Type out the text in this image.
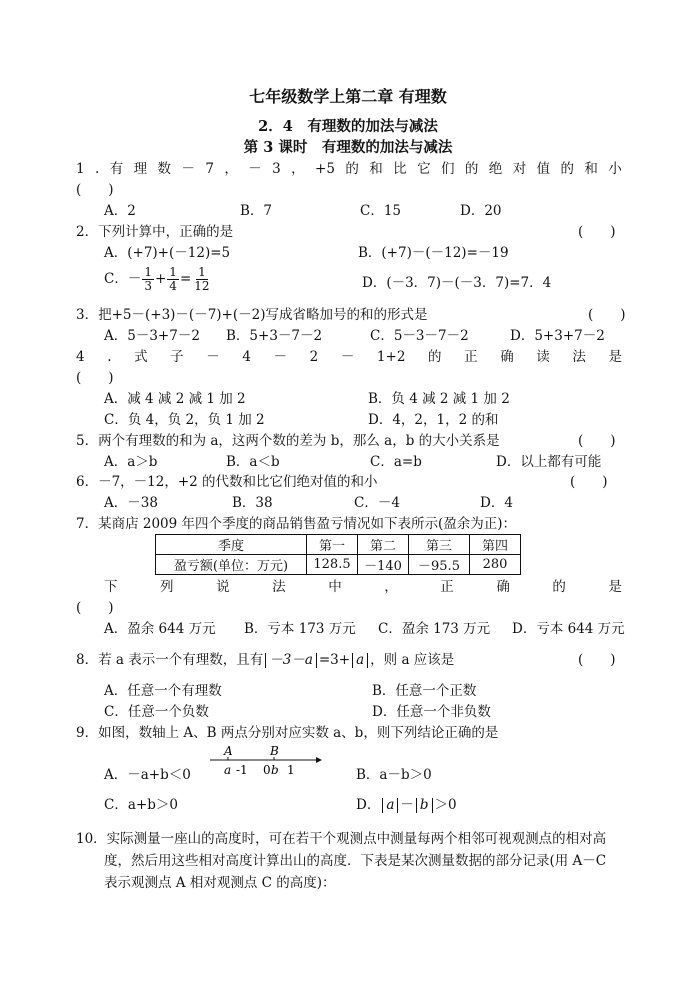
七年级数学上第二章 有理数
2．4　有理数的加法与减法
第 3 课时　有理数的加法与减法
1 . 有 理 数 － 7 ， － 3 ， +5 的 和 比 它 们 的 绝 对 值 的 和 小
(　　)
A．2	B．7	C．15	D．20
2．下列计算中，正确的是	(　　)
A．(+7)+(－12)=5	B．(+7)－(－12)=－19
C．－ $\frac{1}{3} + \frac{1}{4} = \frac{1}{12}$	D．(－3．7)－(－3．7)=7．4
3．把+5－(+3)－(－7)+(－2)写成省略加号的和的形式是	(　　)
A．5－3+7－2 B．5+3－7－2	C．5－3－7－2	D．5+3+7－2
4 . 式 子 － 4 － 2 － 1+2 的 正 确 读 法 是
(　　)
A．减 4 减 2 减 1 加 2	B．负 4 减 2 减 1 加 2
C．负 4，负 2，负 1 加 2	D．4，2，1，2 的和
5．两个有理数的和为 a，这两个数的差为 b，那么 a，b 的大小关系是	(　　)
A．a＞b	B．a＜b	C．a=b	D．以上都有可能
6．－7，－12，+2 的代数和比它们绝对值的和小	(　　)
A．－38	B．38	C．－4	D．4
7．某商店 2009 年四个季度的商品销售盈亏情况如下表所示(盈余为正)：
季度	第一	第二	第三	第四
盈亏额(单位：万元)	128.5	－140	－95.5	280
下	列	说	法	中	，	正	确	的	是
(　　)
A．盈余 644 万元 B．亏本 173 万元 C．盈余 173 万元 D．亏本 644 万元
8．若 a 表示一个有理数，且有 －3－a =3+ a ，则 a 应该是	(　　)
A．任意一个有理数	B．任意一个正数
C．任意一个负数	D．任意一个非负数
9．如图，数轴上 A、B 两点分别对应实数 a、b，则下列结论正确的是
A．－a+b＜0
A	B
a -1 0 b 1	B．a－b＞0
C．a+b＞0	D． a － b ＞0
10．实际测量一座山的高度时，可在若干个观测点中测量每两个相邻可视观测点的相对高
度，然后用这些相对高度计算出山的高度．下表是某次测量数据的部分记录(用 A－C
表示观测点 A 相对观测点 C 的高度)：
